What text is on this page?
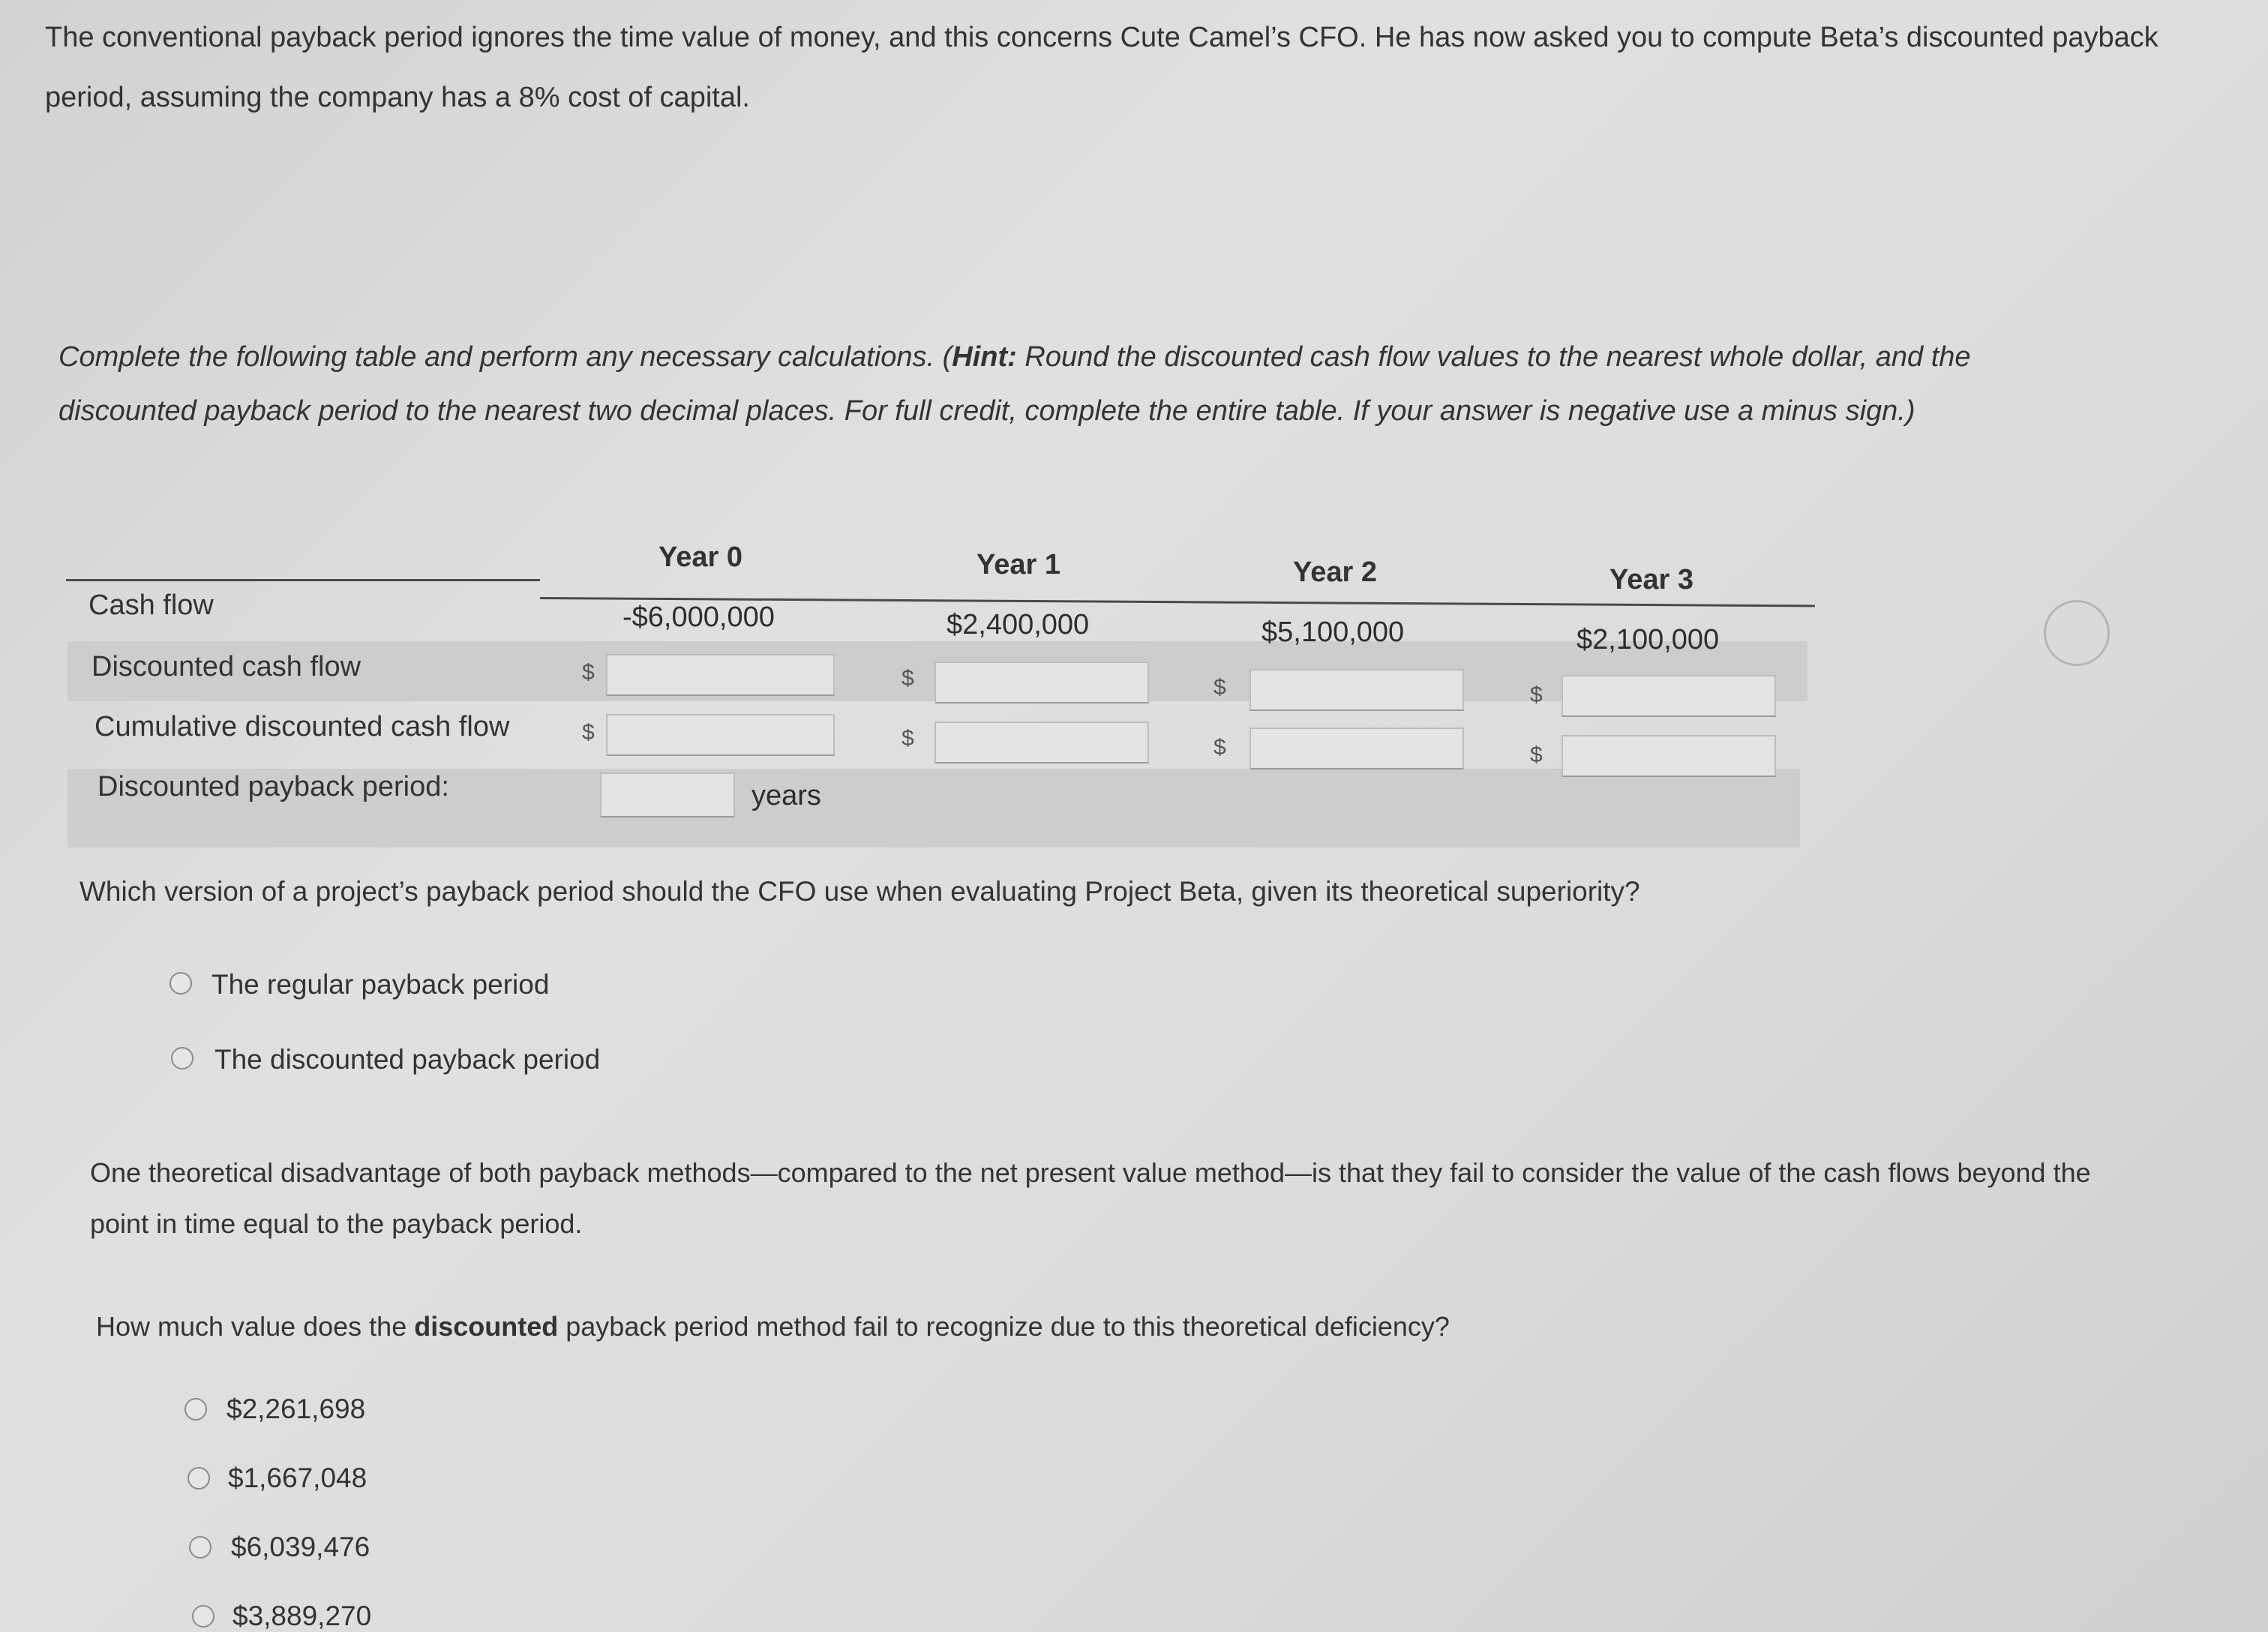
The conventional payback period ignores the time value of money, and this concerns Cute Camel’s CFO. He has now asked you to compute Beta’s discounted payback period, assuming the company has a 8% cost of capital.
Complete the following table and perform any necessary calculations. (Hint: Round the discounted cash flow values to the nearest whole dollar, and the discounted payback period to the nearest two decimal places. For full credit, complete the entire table. If your answer is negative use a minus sign.)
Year 0	Year 1	Year 2	Year 3
Cash flow	-$6,000,000	$2,400,000	$5,100,000	$2,100,000
Discounted cash flow	$	$	$	$
Cumulative discounted cash flow	$	$	$	$
Discounted payback period:	years
Which version of a project’s payback period should the CFO use when evaluating Project Beta, given its theoretical superiority?
The regular payback period
The discounted payback period
One theoretical disadvantage of both payback methods—compared to the net present value method—is that they fail to consider the value of the cash flows beyond the point in time equal to the payback period.
How much value does the discounted payback period method fail to recognize due to this theoretical deficiency?
$2,261,698
$1,667,048
$6,039,476
$3,889,270
